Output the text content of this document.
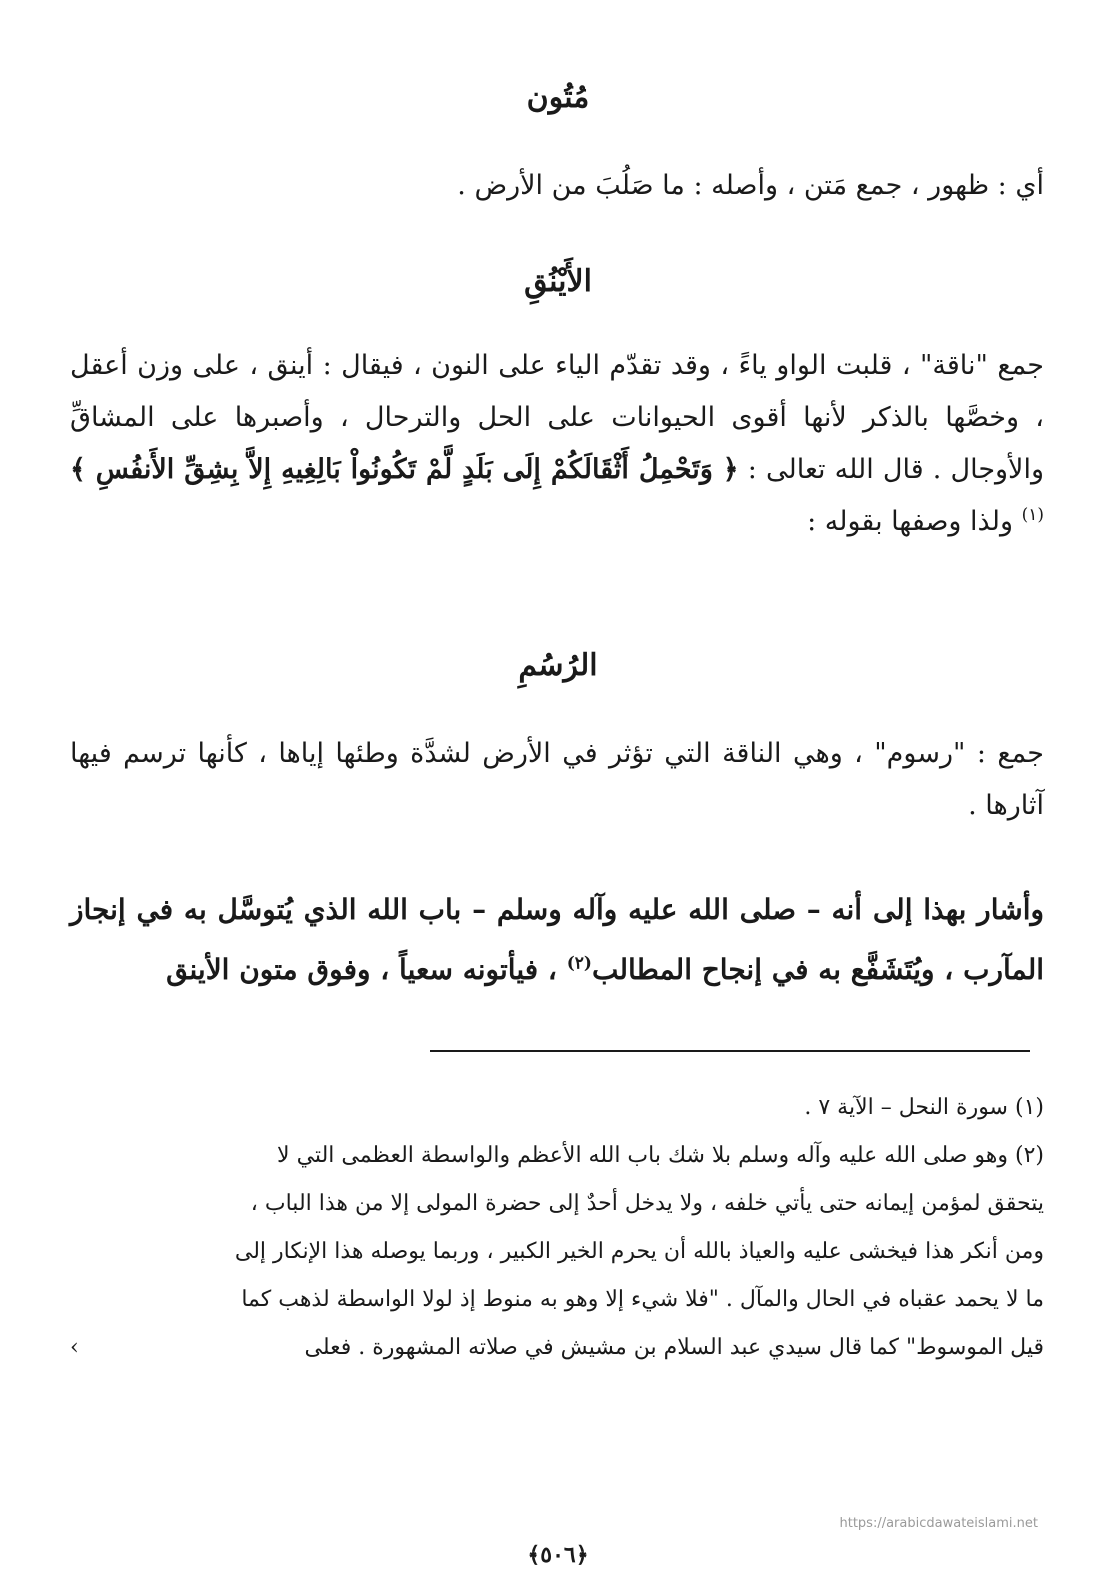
مُتُون
أي : ظهور ، جمع مَتن ، وأصله : ما صَلُبَ من الأرض .
الأَيْنُقِ
جمع "ناقة" ، قلبت الواو ياءً ، وقد تقدّم الياء على النون ، فيقال : أينق ، على وزن أعقل ، وخصَّها بالذكر لأنها أقوى الحيوانات على الحل والترحال ، وأصبرها على المشاقِّ والأوجال . قال الله تعالى : ﴿ وَتَحْمِلُ أَثْقَالَكُمْ إِلَى بَلَدٍ لَّمْ تَكُونُواْ بَالِغِيهِ إِلاَّ بِشِقِّ الأَنفُسِ ﴾$^{(١)}$ ولذا وصفها بقوله :
الرُسُمِ
جمع : "رسوم" ، وهي الناقة التي تؤثر في الأرض لشدَّة وطئها إياها ، كأنها ترسم فيها آثارها .
وأشار بهذا إلى أنه – صلى الله عليه وآله وسلم – باب الله الذي يُتوسَّل به في إنجاز المآرب ، ويُتَشَفَّع به في إنجاح المطالب$^{(٢)}$ ، فيأتونه سعياً ، وفوق متون الأينق
(١) سورة النحل – الآية ٧ .
(٢) وهو صلى الله عليه وآله وسلم بلا شك باب الله الأعظم والواسطة العظمى التي لا
يتحقق لمؤمن إيمانه حتى يأتي خلفه ، ولا يدخل أحدٌ إلى حضرة المولى إلا من هذا الباب ،
ومن أنكر هذا فيخشى عليه والعياذ بالله أن يحرم الخير الكبير ، وربما يوصله هذا الإنكار إلى
ما لا يحمد عقباه في الحال والمآل . "فلا شيء إلا وهو به منوط إذ لولا الواسطة لذهب كما
قيل الموسوط" كما قال سيدي عبد السلام بن مشيش في صلاته المشهورة . فعلى
›
https://arabicdawateislami.net
﴿٥٠٦﴾
